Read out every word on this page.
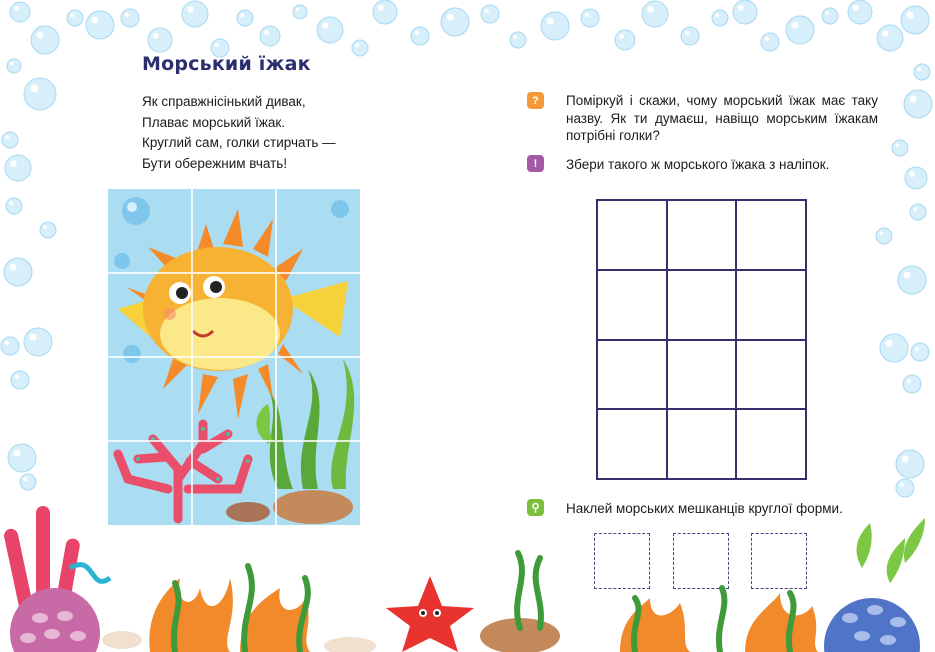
Морський їжак
Як справжнісінький дивак,
Плаває морський їжак.
Круглий сам, голки стирчать —
Бути обережним вчать!
?	Поміркуй і скажи, чому морський їжак має таку назву. Як ти думаєш, навіщо морським їжакам потрібні голки?
!	Збери такого ж морського їжака з наліпок.
⚲	Наклей морських мешканців круглої форми.
